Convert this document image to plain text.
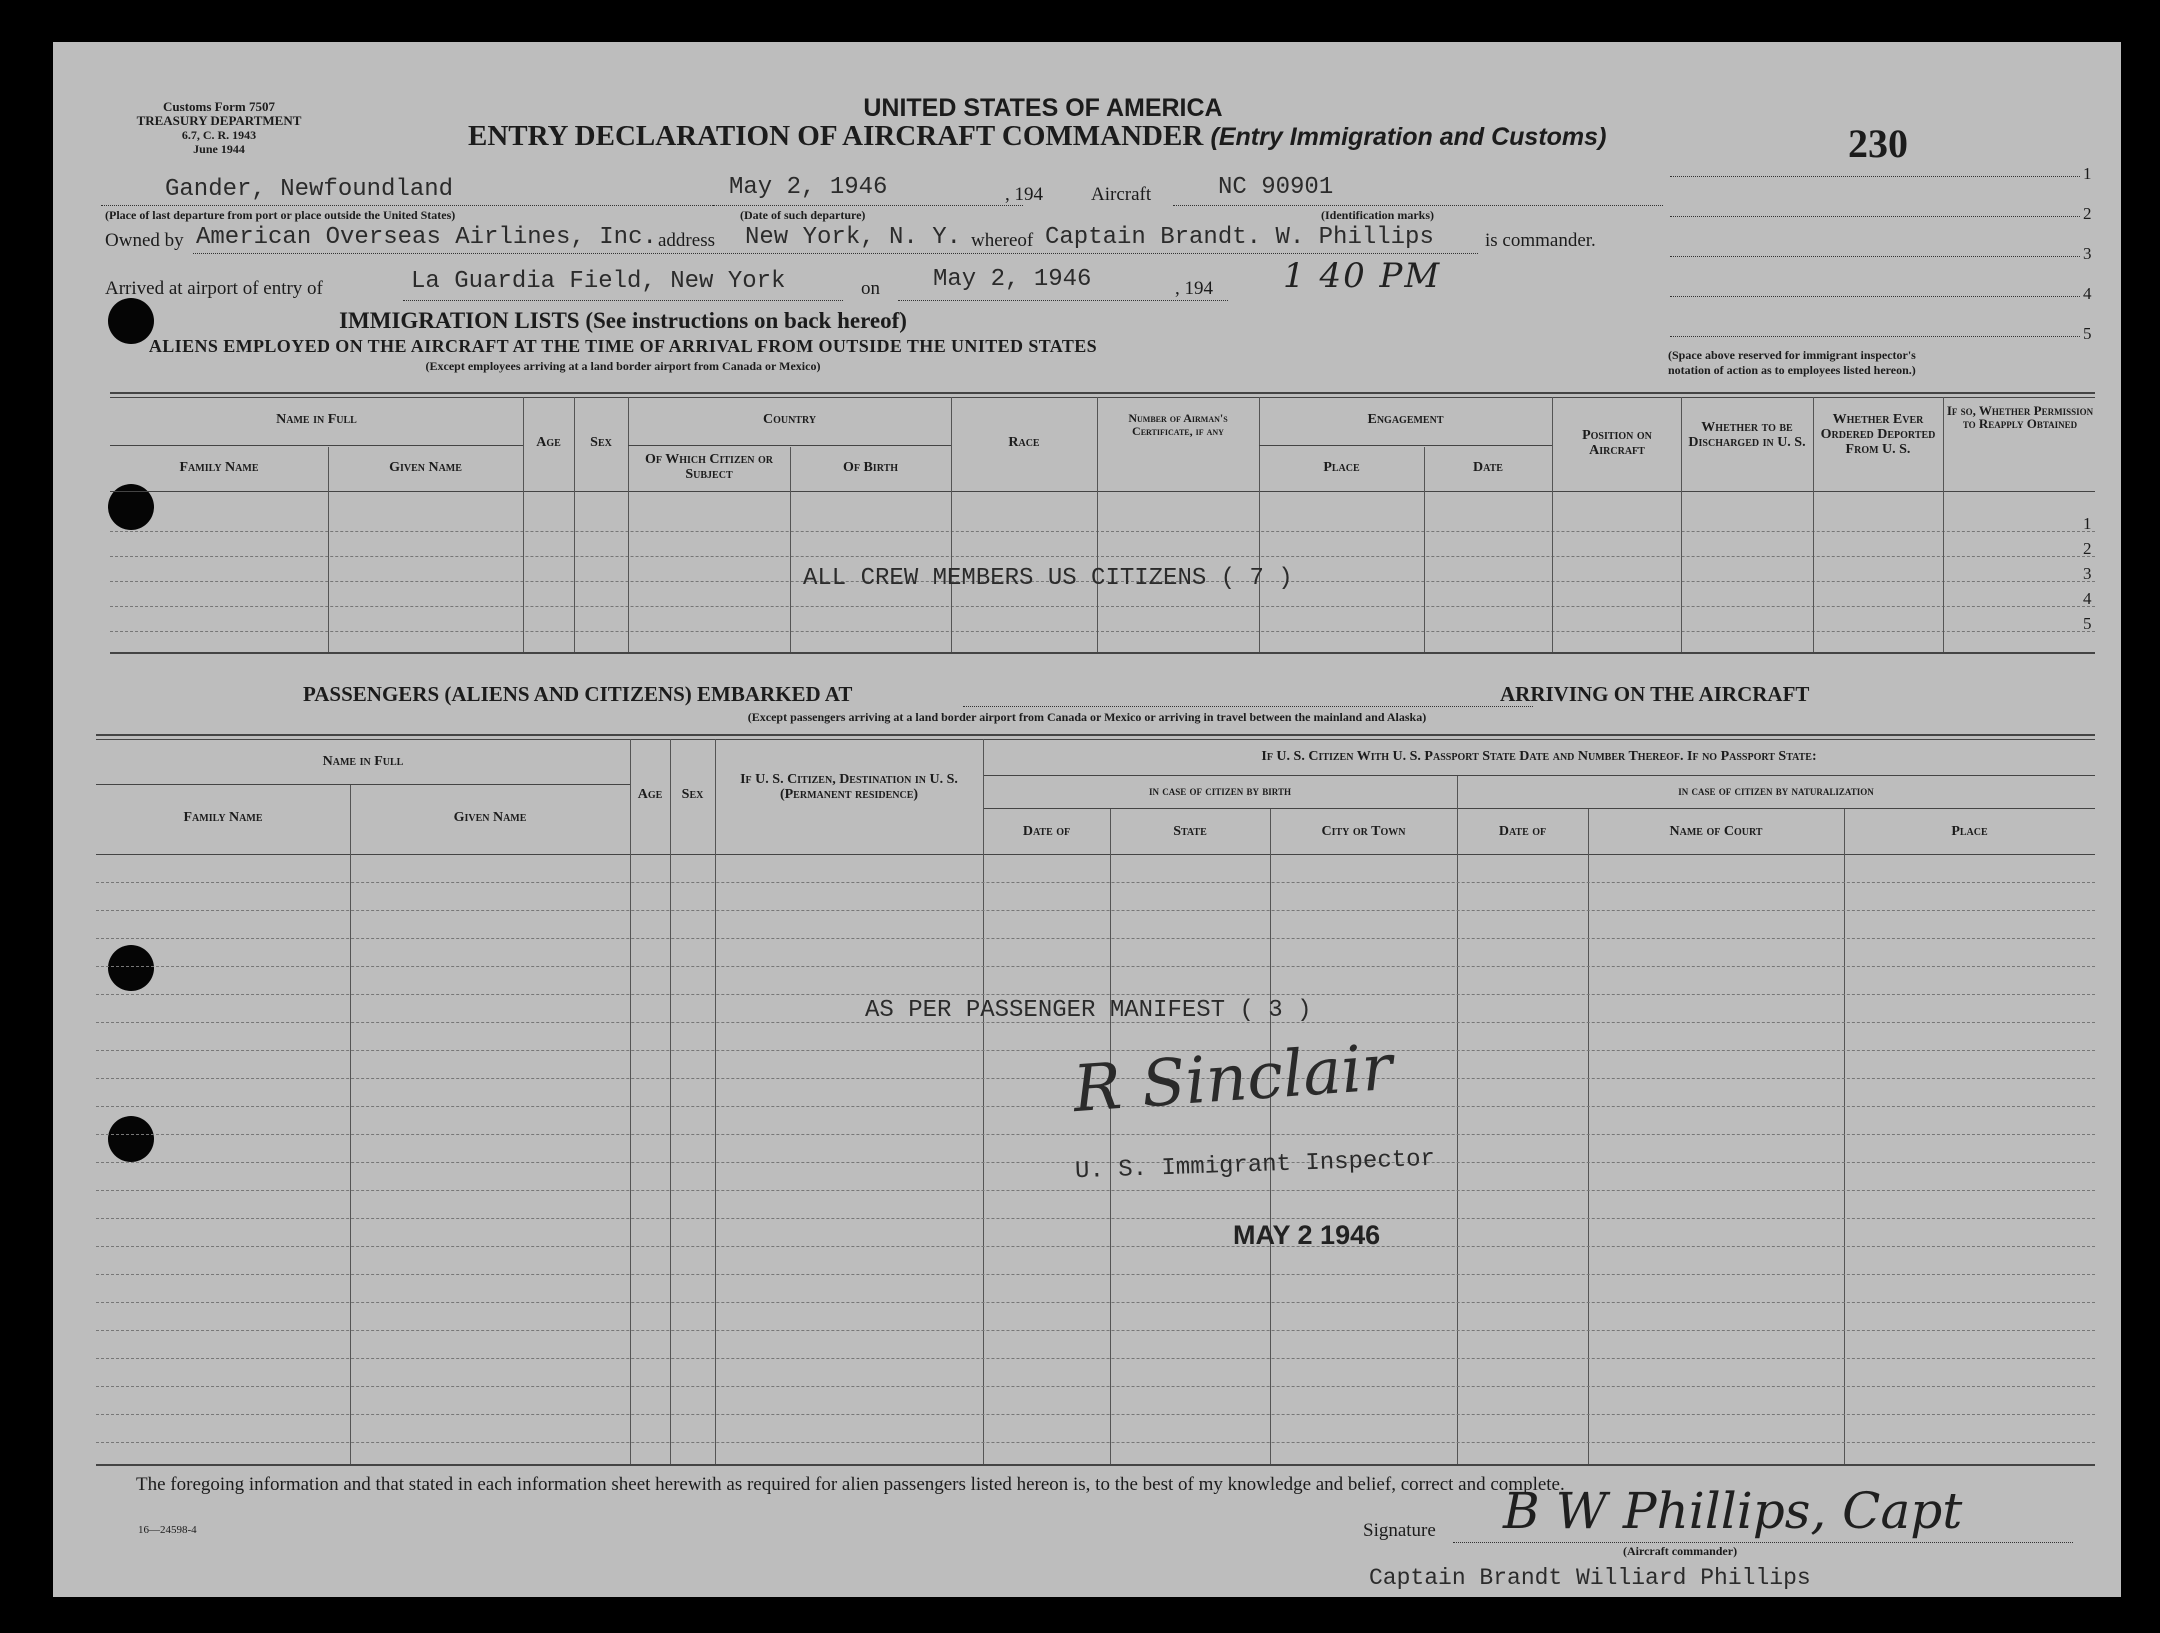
Customs Form 7507
TREASURY DEPARTMENT
6.7, C. R. 1943
June 1944
UNITED STATES OF AMERICA
ENTRY DECLARATION OF AIRCRAFT COMMANDER (Entry Immigration and Customs)	230
1
2
3
4
5
(Space above reserved for immigrant inspector's
notation of action as to employees listed hereon.)
Gander, Newfoundland
(Place of last departure from port or place outside the United States)
May 2, 1946
(Date of such departure)
, 194	Aircraft	NC 90901
(Identification marks)
Owned by American Overseas Airlines, Inc. address New York, N. Y. whereof Captain Brandt. W. Phillips	is commander.
Arrived at airport of entry of	La Guardia Field, New York	on May 2, 1946	, 194 1 40 PM
IMMIGRATION LISTS (See instructions on back hereof)
ALIENS EMPLOYED ON THE AIRCRAFT AT THE TIME OF ARRIVAL FROM OUTSIDE THE UNITED STATES
(Except employees arriving at a land border airport from Canada or Mexico)
Name in Full
Family Name	Given Name
Age	Sex
Country
Of Which Citizen or Subject	Of Birth
Race
Number of Airman's Certificate, if any
Engagement
Place	Date
Position on Aircraft
Whether to be Discharged in U. S.
Whether Ever Ordered Deported From U. S.
If so, Whether Permission to Reapply Obtained
1
2
3
4
5
ALL CREW MEMBERS US CITIZENS ( 7 )
PASSENGERS (ALIENS AND CITIZENS) EMBARKED AT	ARRIVING ON THE AIRCRAFT
(Except passengers arriving at a land border airport from Canada or Mexico or arriving in travel between the mainland and Alaska)
Name in Full
Family Name	Given Name
Age	Sex
If U. S. Citizen, Destination in U. S. (Permanent residence)
If U. S. Citizen With U. S. Passport State Date and Number Thereof. If no Passport State:
in case of citizen by birth	in case of citizen by naturalization
Date of	State	City or Town	Date of	Name of Court	Place
AS PER PASSENGER MANIFEST ( 3 )
R Sinclair
U. S. Immigrant Inspector
MAY 2 1946
The foregoing information and that stated in each information sheet herewith as required for alien passengers listed hereon is, to the best of my knowledge and belief, correct and complete.
16—24598-4	Signature B W Phillips, Capt
(Aircraft commander)
Captain Brandt Williard Phillips
